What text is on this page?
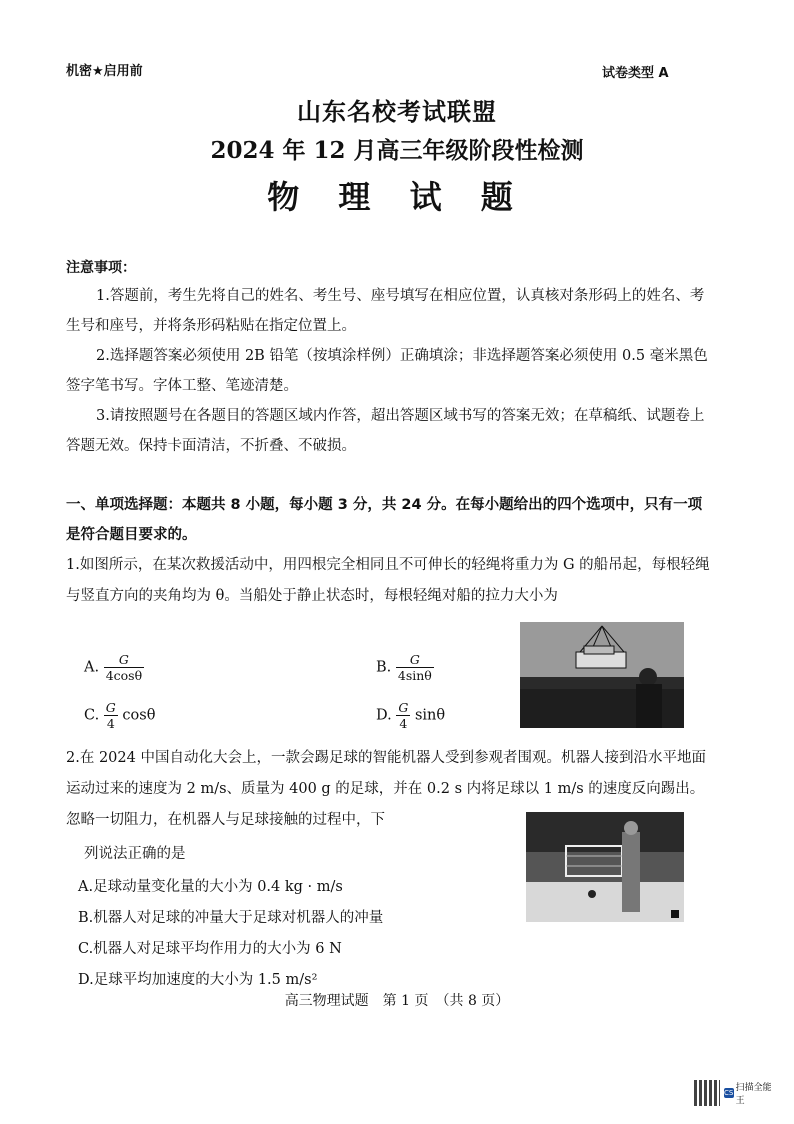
机密★启用前	试卷类型 A
山东名校考试联盟
2024 年 12 月高三年级阶段性检测
物 理 试 题
注意事项：
1.答题前，考生先将自己的姓名、考生号、座号填写在相应位置，认真核对条形码上的姓名、考生号和座号，并将条形码粘贴在指定位置上。
2.选择题答案必须使用 2B 铅笔（按填涂样例）正确填涂；非选择题答案必须使用 0.5 毫米黑色签字笔书写。字体工整、笔迹清楚。
3.请按照题号在各题目的答题区域内作答，超出答题区域书写的答案无效；在草稿纸、试题卷上答题无效。保持卡面清洁，不折叠、不破损。
一、单项选择题：本题共 8 小题，每小题 3 分，共 24 分。在每小题给出的四个选项中，只有一项是符合题目要求的。
1.如图所示，在某次救援活动中，用四根完全相同且不可伸长的轻绳将重力为 G 的船吊起，每根轻绳与竖直方向的夹角均为 θ。当船处于静止状态时，每根轻绳对船的拉力大小为
A. $\frac{G}{4\cos\theta}$	B. $\frac{G}{4\sin\theta}$
C. $\frac{G}{4}$ cosθ	D. $\frac{G}{4}$ sinθ
2.在 2024 中国自动化大会上，一款会踢足球的智能机器人受到参观者围观。机器人接到沿水平地面运动过来的速度为 2 m/s、质量为 400 g 的足球，并在 0.2 s 内将足球以 1 m/s 的速度反向踢出。忽略一切阻力，在机器人与足球接触的过程中，下
列说法正确的是
A.足球动量变化量的大小为 0.4 kg · m/s
B.机器人对足球的冲量大于足球对机器人的冲量
C.机器人对足球平均作用力的大小为 6 N
D.足球平均加速度的大小为 1.5 m/s²
高三物理试题　第 1 页　（共 8 页）
CS 扫描全能王
